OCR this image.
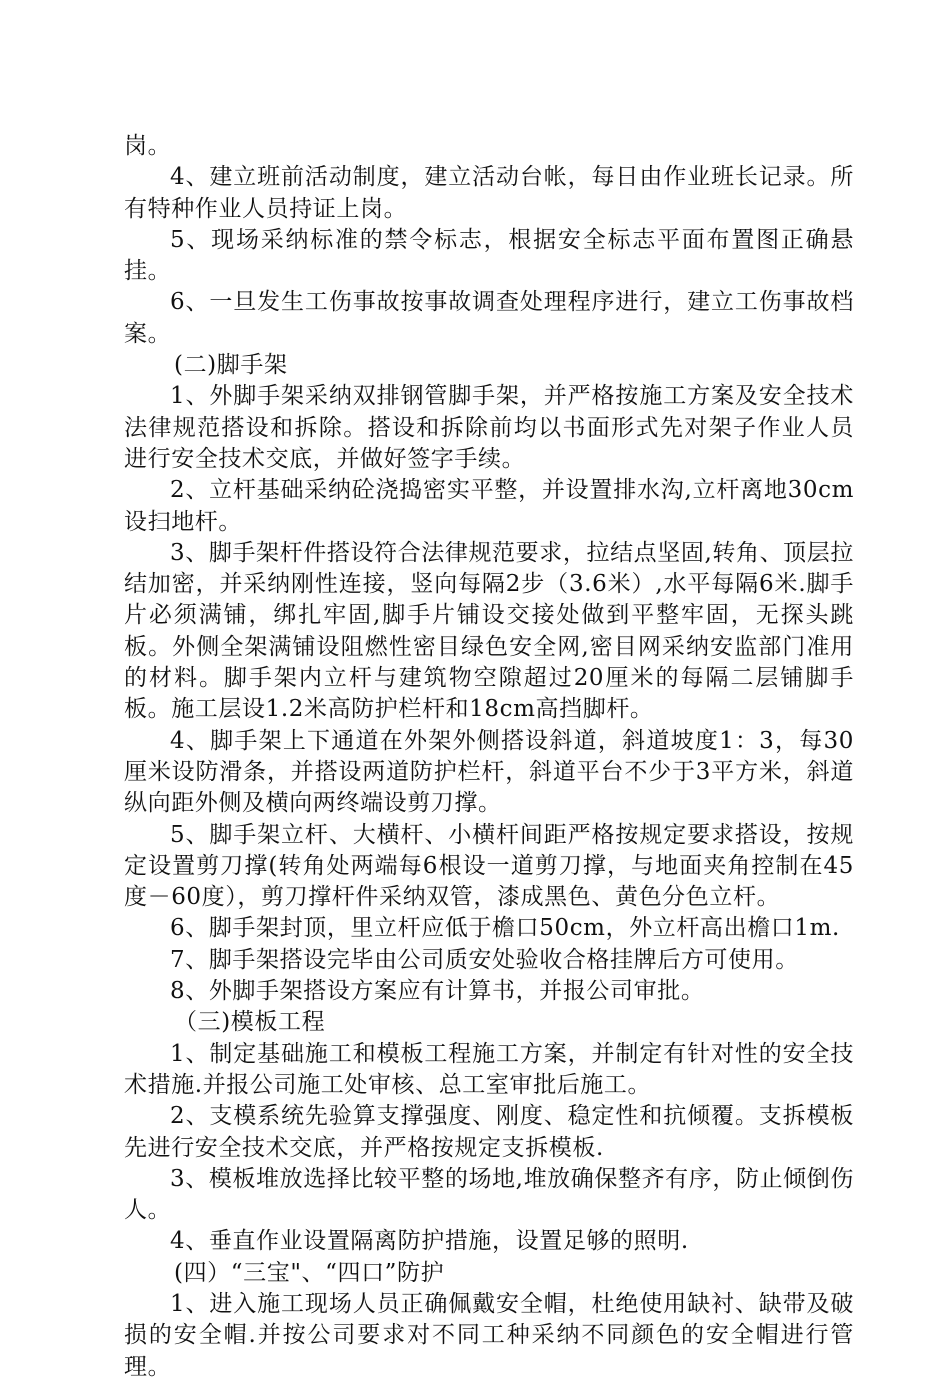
岗。

4、建立班前活动制度，建立活动台帐，每日由作业班长记录。所有特种作业人员持证上岗。

5、现场采纳标准的禁令标志，根据安全标志平面布置图正确悬挂。

6、一旦发生工伤事故按事故调查处理程序进行，建立工伤事故档案。

(二)脚手架

1、外脚手架采纳双排钢管脚手架，并严格按施工方案及安全技术法律规范搭设和拆除。搭设和拆除前均以书面形式先对架子作业人员进行安全技术交底，并做好签字手续。

2、立杆基础采纳砼浇捣密实平整，并设置排水沟,立杆离地30cm设扫地杆。

3、脚手架杆件搭设符合法律规范要求，拉结点坚固,转角、顶层拉结加密，并采纳刚性连接，竖向每隔2步（3.6米）,水平每隔6米.脚手片必须满铺，绑扎牢固,脚手片铺设交接处做到平整牢固，无探头跳板。外侧全架满铺设阻燃性密目绿色安全网,密目网采纳安监部门准用的材料。脚手架内立杆与建筑物空隙超过20厘米的每隔二层铺脚手板。施工层设1.2米高防护栏杆和18cm高挡脚杆。

4、脚手架上下通道在外架外侧搭设斜道，斜道坡度1：3，每30厘米设防滑条，并搭设两道防护栏杆，斜道平台不少于3平方米，斜道纵向距外侧及横向两终端设剪刀撑。

5、脚手架立杆、大横杆、小横杆间距严格按规定要求搭设，按规定设置剪刀撑(转角处两端每6根设一道剪刀撑，与地面夹角控制在45度－60度），剪刀撑杆件采纳双管，漆成黑色、黄色分色立杆。

6、脚手架封顶，里立杆应低于檐口50cm，外立杆高出檐口1m.

7、脚手架搭设完毕由公司质安处验收合格挂牌后方可使用。

8、外脚手架搭设方案应有计算书，并报公司审批。

（三)模板工程

1、制定基础施工和模板工程施工方案，并制定有针对性的安全技术措施.并报公司施工处审核、总工室审批后施工。

2、支模系统先验算支撑强度、刚度、稳定性和抗倾覆。支拆模板先进行安全技术交底，并严格按规定支拆模板.

3、模板堆放选择比较平整的场地,堆放确保整齐有序，防止倾倒伤人。

4、垂直作业设置隔离防护措施，设置足够的照明.

(四）“三宝"、“四口”防护

1、进入施工现场人员正确佩戴安全帽，杜绝使用缺衬、缺带及破损的安全帽.并按公司要求对不同工种采纳不同颜色的安全帽进行管理。
